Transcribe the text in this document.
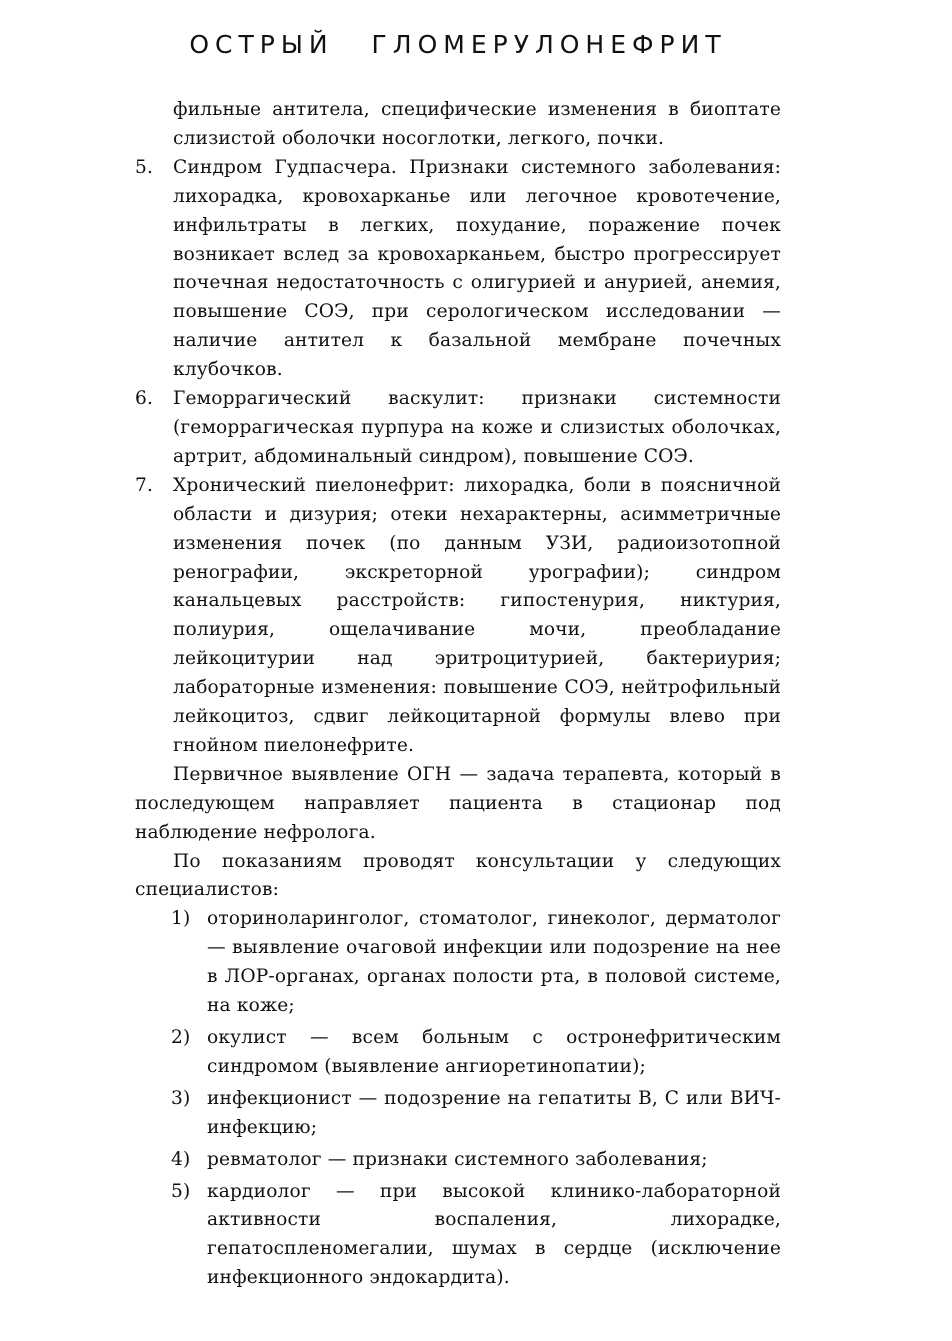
ОСТРЫЙ ГЛОМЕРУЛОНЕФРИТ

фильные антитела, специфические изменения в биоптате слизистой оболочки носоглотки, легкого, почки.

5.	Синдром Гудпасчера. Признаки системного заболевания: лихорадка, кровохарканье или легочное кровотечение, инфильтраты в легких, похудание, поражение почек возникает вслед за кровохарканьем, быстро прогрессирует почечная недостаточность с олигурией и анурией, анемия, повышение СОЭ, при серологическом исследовании — наличие антител к базальной мембране почечных клубочков.
6.	Геморрагический васкулит: признаки системности (геморрагическая пурпура на коже и слизистых оболочках, артрит, абдоминальный синдром), повышение СОЭ.
7.	Хронический пиелонефрит: лихорадка, боли в поясничной области и дизурия; отеки нехарактерны, асимметричные изменения почек (по данным УЗИ, радиоизотопной ренографии, экскреторной урографии); синдром канальцевых расстройств: гипостенурия, никтурия, полиурия, ощелачивание мочи, преобладание лейкоцитурии над эритроцитурией, бактериурия; лабораторные изменения: повышение СОЭ, нейтрофильный лейкоцитоз, сдвиг лейкоцитарной формулы влево при гнойном пиелонефрите.

Первичное выявление ОГН — задача терапевта, который в последующем направляет пациента в стационар под наблюдение нефролога.

По показаниям проводят консультации у следующих специалистов:

1) оториноларинголог, стоматолог, гинеколог, дерматолог — выявление очаговой инфекции или подозрение на нее в ЛОР-органах, органах полости рта, в половой системе, на коже;
2) окулист — всем больным с остронефритическим синдромом (выявление ангиоретинопатии);
3) инфекционист — подозрение на гепатиты В, С или ВИЧ-инфекцию;
4) ревматолог — признаки системного заболевания;
5) кардиолог — при высокой клинико-лабораторной активности воспаления, лихорадке, гепатоспленомегалии, шумах в сердце (исключение инфекционного эндокардита).
